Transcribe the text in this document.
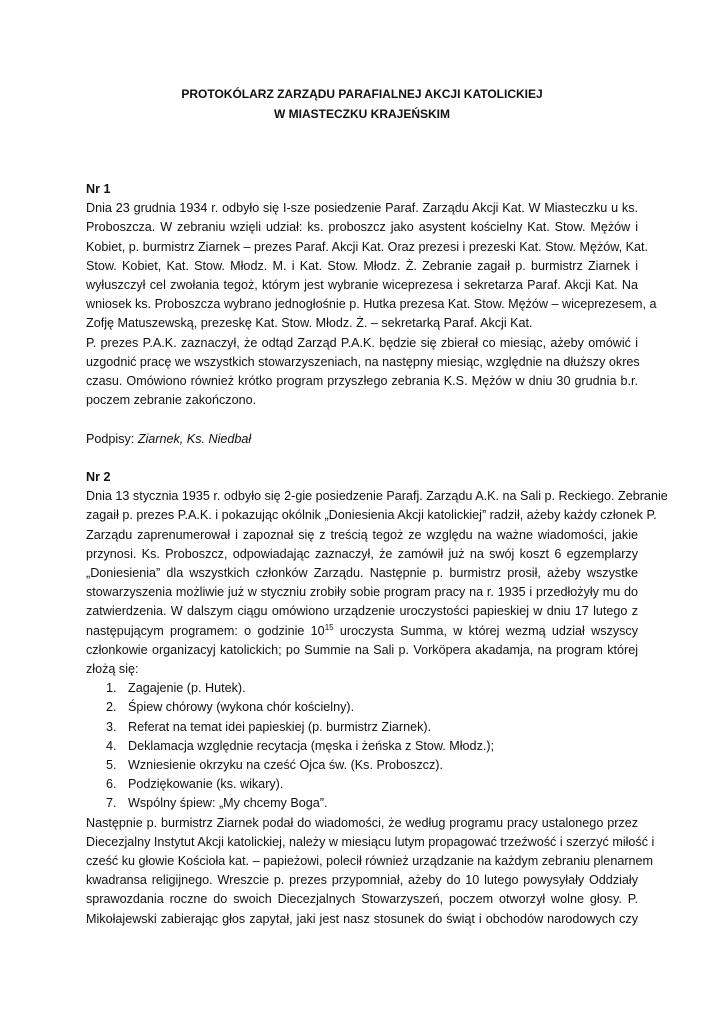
PROTOKÓLARZ ZARZĄDU PARAFIALNEJ AKCJI KATOLICKIEJ
W MIASTECZKU KRAJEŃSKIM
Nr 1
Dnia 23 grudnia 1934 r. odbyło się I-sze posiedzenie Paraf. Zarządu Akcji Kat. W Miasteczku u ks.
Proboszcza. W zebraniu wzięli udział: ks. proboszcz jako asystent kościelny Kat. Stow. Mężów i
Kobiet, p. burmistrz Ziarnek – prezes Paraf. Akcji Kat. Oraz prezesi i prezeski Kat. Stow. Mężów, Kat.
Stow. Kobiet, Kat. Stow. Młodz. M. i Kat. Stow. Młodz. Ż. Zebranie zagaił p. burmistrz Ziarnek i
wyłuszczył cel zwołania tegoż, którym jest wybranie wiceprezesa i sekretarza Paraf. Akcji Kat. Na
wniosek ks. Proboszcza wybrano jednogłośnie p. Hutka prezesa Kat. Stow. Mężów – wiceprezesem, a
Zofję Matuszewską, prezeskę Kat. Stow. Młodz. Ż. – sekretarką Paraf. Akcji Kat.
P. prezes P.A.K. zaznaczył, że odtąd Zarząd P.A.K. będzie się zbierał co miesiąc, ażeby omówić i
uzgodnić pracę we wszystkich stowarzyszeniach, na następny miesiąc, względnie na dłuższy okres
czasu. Omówiono również krótko program przyszłego zebrania K.S. Mężów w dniu 30 grudnia b.r.
poczem zebranie zakończono.
Podpisy: Ziarnek, Ks. Niedbał
Nr 2
Dnia 13 stycznia 1935 r. odbyło się 2-gie posiedzenie Parafj. Zarządu A.K. na Sali p. Reckiego. Zebranie
zagaił p. prezes P.A.K. i pokazując okólnik „Doniesienia Akcji katolickiej” radził, ażeby każdy członek P.
Zarządu zaprenumerował i zapoznał się z treścią tegoż ze względu na ważne wiadomości, jakie
przynosi. Ks. Proboszcz, odpowiadając zaznaczył, że zamówił już na swój koszt 6 egzemplarzy
„Doniesienia” dla wszystkich członków Zarządu. Następnie p. burmistrz prosił, ażeby wszystke
stowarzyszenia możliwie już w styczniu zrobiły sobie program pracy na r. 1935 i przedłożyły mu do
zatwierdzenia. W dalszym ciągu omówiono urządzenie uroczystości papieskiej w dniu 17 lutego z
następującym programem: o godzinie $10^{15}$ uroczysta Summa, w której wezmą udział wszyscy
członkowie organizacyj katolickich; po Summie na Sali p. Vorköpera akadamja, na program której
złożą się:
1. Zagajenie (p. Hutek).
2. Śpiew chórowy (wykona chór kościelny).
3. Referat na temat idei papieskiej (p. burmistrz Ziarnek).
4. Deklamacja względnie recytacja (męska i żeńska z Stow. Młodz.);
5. Wzniesienie okrzyku na cześć Ojca św. (Ks. Proboszcz).
6. Podziękowanie (ks. wikary).
7. Wspólny śpiew: „My chcemy Boga”.
Następnie p. burmistrz Ziarnek podał do wiadomości, że według programu pracy ustalonego przez
Diecezjalny Instytut Akcji katolickiej, należy w miesiącu lutym propagować trzeźwość i szerzyć miłość i
cześć ku głowie Kościoła kat. – papieżowi, polecił również urządzanie na każdym zebraniu plenarnem
kwadransa religijnego. Wreszcie p. prezes przypomniał, ażeby do 10 lutego powysyłały Oddziały
sprawozdania roczne do swoich Diecezjalnych Stowarzyszeń, poczem otworzył wolne głosy. P.
Mikołajewski zabierając głos zapytał, jaki jest nasz stosunek do świąt i obchodów narodowych czy
